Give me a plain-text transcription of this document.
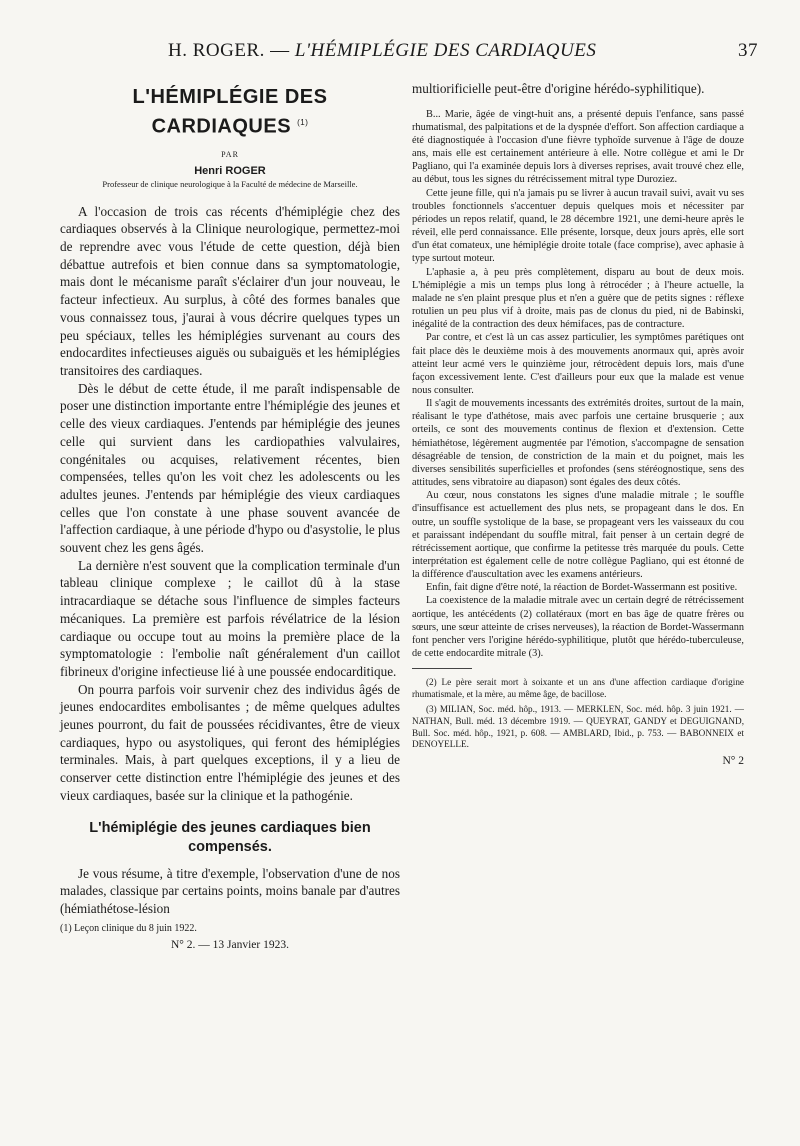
H. ROGER. — L'HÉMIPLÉGIE DES CARDIAQUES	37
L'HÉMIPLÉGIE DES
CARDIAQUES $^{(1)}$
PAR
Henri ROGER
Professeur de clinique neurologique à la Faculté de médecine de Marseille.

A l'occasion de trois cas récents d'hémiplégie chez des cardiaques observés à la Clinique neurologique, permettez-moi de reprendre avec vous l'étude de cette question, déjà bien débattue autrefois et bien connue dans sa symptomatologie, mais dont le mécanisme paraît s'éclairer d'un jour nouveau, le facteur infectieux. Au surplus, à côté des formes banales que vous connaissez tous, j'aurai à vous décrire quelques types un peu spéciaux, telles les hémiplégies survenant au cours des endocardites infectieuses aiguës ou subaiguës et les hémiplégies transitoires des cardiaques.

Dès le début de cette étude, il me paraît indispensable de poser une distinction importante entre l'hémiplégie des jeunes et celle des vieux cardiaques. J'entends par hémiplégie des jeunes celle qui survient dans les cardiopathies valvulaires, congénitales ou acquises, relativement récentes, bien compensées, telles qu'on les voit chez les adolescents ou les adultes jeunes. J'entends par hémiplégie des vieux cardiaques celles que l'on constate à une phase souvent avancée de l'affection cardiaque, à une période d'hypo ou d'asystolie, le plus souvent chez les gens âgés.

La dernière n'est souvent que la complication terminale d'un tableau clinique complexe ; le caillot dû à la stase intracardiaque se détache sous l'influence de simples facteurs mécaniques. La première est parfois révélatrice de la lésion cardiaque ou occupe tout au moins la première place de la symptomatologie : l'embolie naît généralement d'un caillot fibrineux d'origine infectieuse lié à une poussée endocarditique.

On pourra parfois voir survenir chez des individus âgés de jeunes endocardites embolisantes ; de même quelques adultes jeunes pourront, du fait de poussées récidivantes, être de vieux cardiaques, hypo ou asystoliques, qui feront des hémiplégies terminales. Mais, à part quelques exceptions, il y a lieu de conserver cette distinction entre l'hémiplégie des jeunes et des vieux cardiaques, basée sur la clinique et la pathogénie.

L'hémiplégie des jeunes cardiaques bien compensés.

Je vous résume, à titre d'exemple, l'observation d'une de nos malades, classique par certains points, moins banale par d'autres (hémiathétose-lésion

(1) Leçon clinique du 8 juin 1922.

N° 2. — 13 Janvier 1923.

multiorificielle peut-être d'origine hérédo-syphilitique).

B... Marie, âgée de vingt-huit ans, a présenté depuis l'enfance, sans passé rhumatismal, des palpitations et de la dyspnée d'effort. Son affection cardiaque a été diagnostiquée à l'occasion d'une fièvre typhoïde survenue à l'âge de douze ans, mais elle est certainement antérieure à elle. Notre collègue et ami le Dr Pagliano, qui l'a examinée depuis lors à diverses reprises, avait trouvé chez elle, au début, tous les signes du rétrécissement mitral type Duroziez.

Cette jeune fille, qui n'a jamais pu se livrer à aucun travail suivi, avait vu ses troubles fonctionnels s'accentuer depuis quelques mois et nécessiter par périodes un repos relatif, quand, le 28 décembre 1921, une demi-heure après le réveil, elle perd connaissance. Elle présente, lorsque, deux jours après, elle sort d'un état comateux, une hémiplégie droite totale (face comprise), avec aphasie à type surtout moteur.

L'aphasie a, à peu près complètement, disparu au bout de deux mois. L'hémiplégie a mis un temps plus long à rétrocéder ; à l'heure actuelle, la malade ne s'en plaint presque plus et n'en a guère que de petits signes : réflexe rotulien un peu plus vif à droite, mais pas de clonus du pied, ni de Babinski, inégalité de la contraction des deux hémifaces, pas de contracture.

Par contre, et c'est là un cas assez particulier, les symptômes parétiques ont fait place dès le deuxième mois à des mouvements anormaux qui, après avoir atteint leur acmé vers le quinzième jour, rétrocèdent depuis lors, mais d'une façon excessivement lente. C'est d'ailleurs pour eux que la malade est venue nous consulter.

Il s'agit de mouvements incessants des extrémités droites, surtout de la main, réalisant le type d'athétose, mais avec parfois une certaine brusquerie ; aux orteils, ce sont des mouvements continus de flexion et d'extension. Cette hémiathétose, légèrement augmentée par l'émotion, s'accompagne de sensation désagréable de tension, de constriction de la main et du poignet, mais les diverses sensibilités superficielles et profondes (sens stéréognostique, sens des attitudes, sens vibratoire au diapason) sont égales des deux côtés.

Au cœur, nous constatons les signes d'une maladie mitrale ; le souffle d'insuffisance est actuellement des plus nets, se propageant dans le dos. En outre, un souffle systolique de la base, se propageant vers les vaisseaux du cou et paraissant indépendant du souffle mitral, fait penser à un certain degré de rétrécissement aortique, que confirme la petitesse très marquée du pouls. Cette interprétation est également celle de notre collègue Pagliano, qui est étonné de la différence d'auscultation avec les examens antérieurs.

Enfin, fait digne d'être noté, la réaction de Bordet-Wassermann est positive.

La coexistence de la maladie mitrale avec un certain degré de rétrécissement aortique, les antécédents (2) collatéraux (mort en bas âge de quatre frères ou sœurs, une sœur atteinte de crises nerveuses), la réaction de Bordet-Wassermann font pencher vers l'origine hérédo-syphilitique, plutôt que hérédo-tuberculeuse, de cette endocardite mitrale (3).

(2) Le père serait mort à soixante et un ans d'une affection cardiaque d'origine rhumatismale, et la mère, au même âge, de bacillose.

(3) MILIAN, Soc. méd. hôp., 1913. — MERKLEN, Soc. méd. hôp. 3 juin 1921. — NATHAN, Bull. méd. 13 décembre 1919. — QUEYRAT, GANDY et DEGUIGNAND, Bull. Soc. méd. hôp., 1921, p. 608. — AMBLARD, Ibid., p. 753. — BABONNEIX et DENOYELLE.

N° 2
